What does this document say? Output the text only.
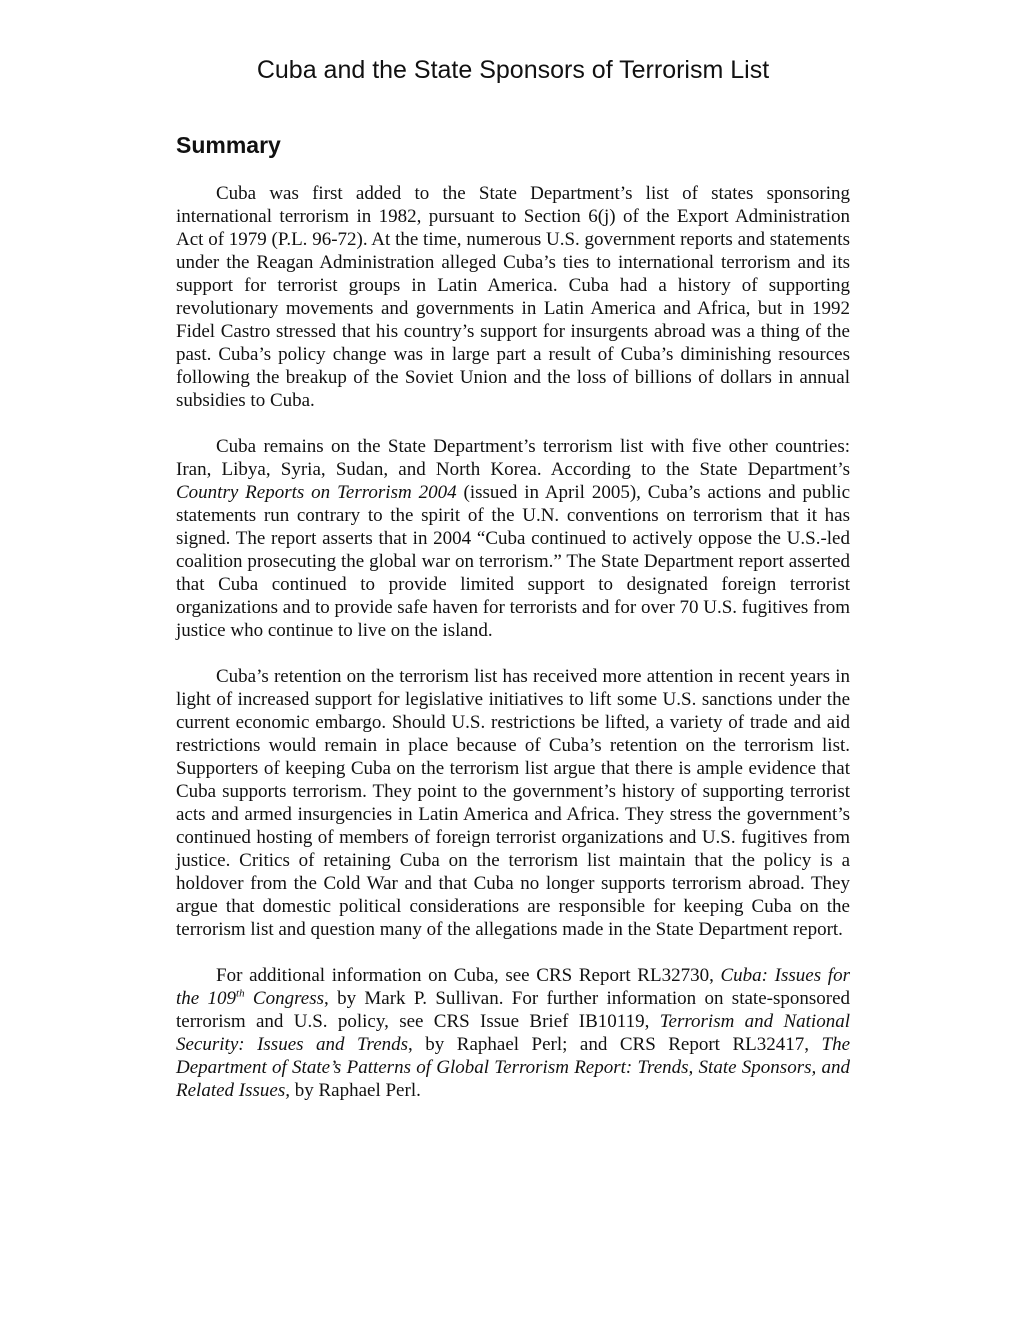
Cuba and the State Sponsors of Terrorism List
Summary

Cuba was first added to the State Department’s list of states sponsoring international terrorism in 1982, pursuant to Section 6(j) of the Export Administration Act of 1979 (P.L. 96-72). At the time, numerous U.S. government reports and statements under the Reagan Administration alleged Cuba’s ties to international terrorism and its support for terrorist groups in Latin America. Cuba had a history of supporting revolutionary movements and governments in Latin America and Africa, but in 1992 Fidel Castro stressed that his country’s support for insurgents abroad was a thing of the past. Cuba’s policy change was in large part a result of Cuba’s diminishing resources following the breakup of the Soviet Union and the loss of billions of dollars in annual subsidies to Cuba.

Cuba remains on the State Department’s terrorism list with five other countries: Iran, Libya, Syria, Sudan, and North Korea. According to the State Department’s Country Reports on Terrorism 2004 (issued in April 2005), Cuba’s actions and public statements run contrary to the spirit of the U.N. conventions on terrorism that it has signed. The report asserts that in 2004 “Cuba continued to actively oppose the U.S.-led coalition prosecuting the global war on terrorism.” The State Department report asserted that Cuba continued to provide limited support to designated foreign terrorist organizations and to provide safe haven for terrorists and for over 70 U.S. fugitives from justice who continue to live on the island.

Cuba’s retention on the terrorism list has received more attention in recent years in light of increased support for legislative initiatives to lift some U.S. sanctions under the current economic embargo. Should U.S. restrictions be lifted, a variety of trade and aid restrictions would remain in place because of Cuba’s retention on the terrorism list. Supporters of keeping Cuba on the terrorism list argue that there is ample evidence that Cuba supports terrorism. They point to the government’s history of supporting terrorist acts and armed insurgencies in Latin America and Africa. They stress the government’s continued hosting of members of foreign terrorist organizations and U.S. fugitives from justice. Critics of retaining Cuba on the terrorism list maintain that the policy is a holdover from the Cold War and that Cuba no longer supports terrorism abroad. They argue that domestic political considerations are responsible for keeping Cuba on the terrorism list and question many of the allegations made in the State Department report.

For additional information on Cuba, see CRS Report RL32730, Cuba: Issues for the 109th Congress, by Mark P. Sullivan. For further information on state-sponsored terrorism and U.S. policy, see CRS Issue Brief IB10119, Terrorism and National Security: Issues and Trends, by Raphael Perl; and CRS Report RL32417, The Department of State’s Patterns of Global Terrorism Report: Trends, State Sponsors, and Related Issues, by Raphael Perl.
